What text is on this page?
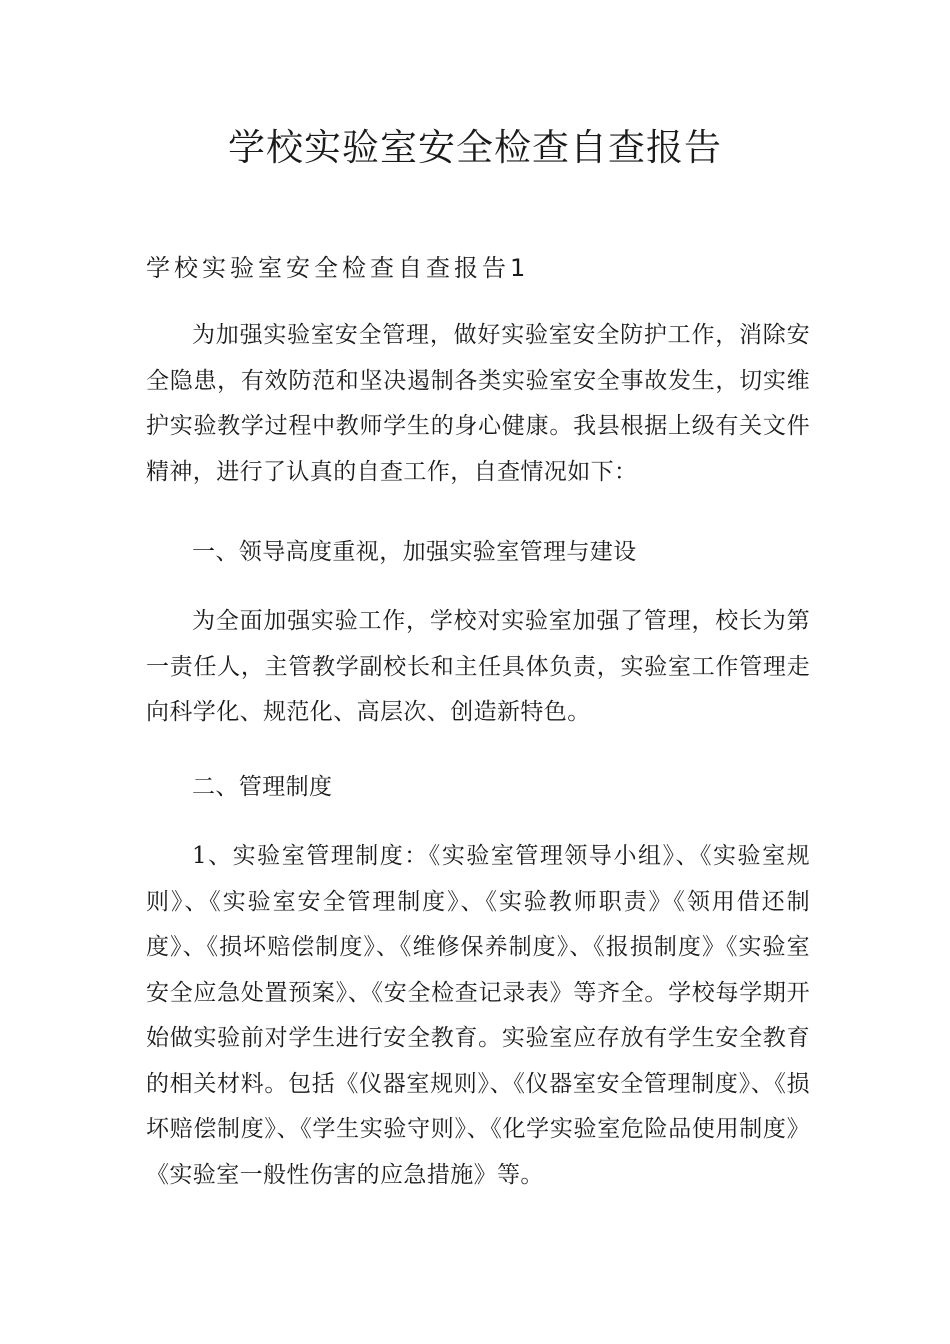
学校实验室安全检查自查报告
学校实验室安全检查自查报告1

为加强实验室安全管理，做好实验室安全防护工作，消除安全隐患，有效防范和坚决遏制各类实验室安全事故发生，切实维护实验教学过程中教师学生的身心健康。我县根据上级有关文件精神，进行了认真的自查工作，自查情况如下：

一、领导高度重视，加强实验室管理与建设

为全面加强实验工作，学校对实验室加强了管理，校长为第一责任人，主管教学副校长和主任具体负责，实验室工作管理走向科学化、规范化、高层次、创造新特色。

二、管理制度

1、实验室管理制度：《实验室管理领导小组》、《实验室规则》、《实验室安全管理制度》、《实验教师职责》《领用借还制度》、《损坏赔偿制度》、《维修保养制度》、《报损制度》《实验室安全应急处置预案》、《安全检查记录表》等齐全。学校每学期开始做实验前对学生进行安全教育。实验室应存放有学生安全教育的相关材料。包括《仪器室规则》、《仪器室安全管理制度》、《损坏赔偿制度》、《学生实验守则》、《化学实验室危险品使用制度》《实验室一般性伤害的应急措施》等。
